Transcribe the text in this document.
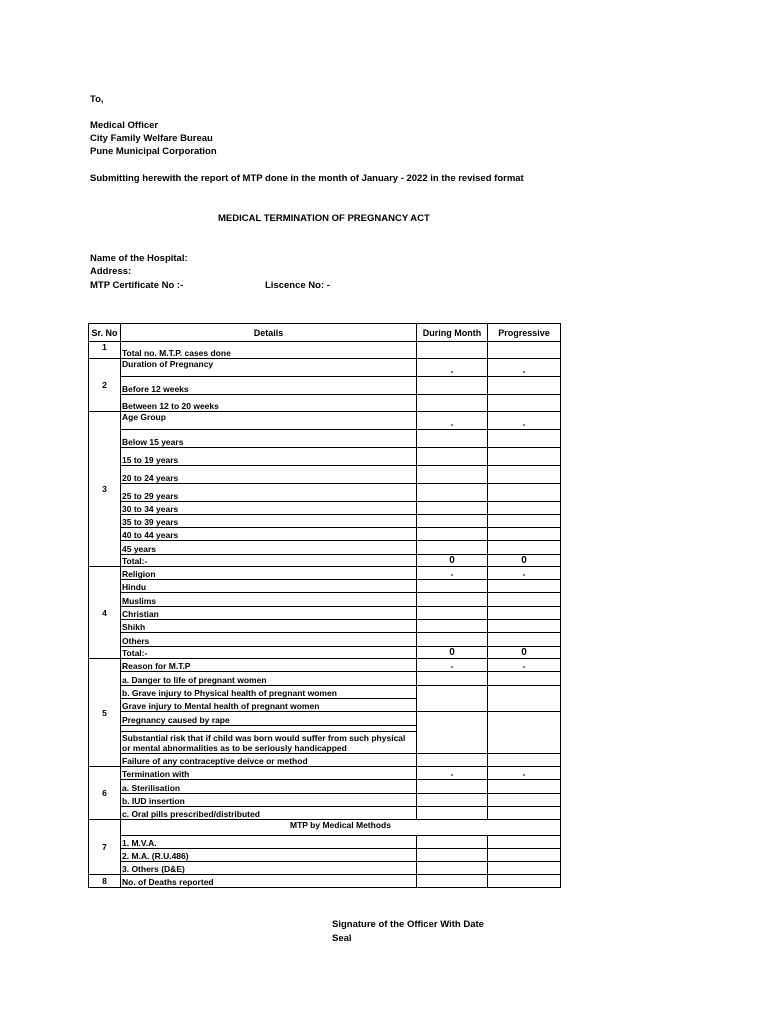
To,
Medical Officer
City Family Welfare Bureau
Pune Municipal Corporation
Submitting herewith the report of MTP done in the month of January - 2022 in the revised format
MEDICAL TERMINATION OF PREGNANCY ACT
Name of the Hospital:
Address:
MTP Certificate No :-	Liscence No: -
Sr. No	Details	During Month	Progressive
1	Total no. M.T.P. cases done		
2	Duration of Pregnancy	-	-
	Before 12 weeks		
	Between 12 to 20 weeks		
3	Age Group	-	-
	Below 15 years		
	15 to 19 years		
	20 to 24 years		
	25 to 29 years		
	30 to 34 years		
	35 to 39 years		
	40 to 44 years		
	45 years		
	Total:-	0	0
4	Religion	-	-
	Hindu		
	Muslims		
	Christian		
	Shikh		
	Others		
	Total:-	0	0
5	Reason for M.T.P	-	-
	a. Danger to life of pregnant women		
	b. Grave injury to Physical health of pregnant women		
	Grave injury to Mental health of pregnant women		
	Pregnancy caused by rape		

	Substantial risk that if child was born would suffer from such physical or mental abnormalities as to be seriously handicapped		
	Failure of any contraceptive deivce or method		
6	Termination with	-	-
	a. Sterilisation		
	b. IUD insertion		
	c. Oral pills prescribed/distributed		
7	MTP by Medical Methods		
	1. M.V.A.		
	2. M.A. (R.U.486)		
	3. Others (D&E)		
8	No. of Deaths reported		
Signature of the Officer With Date
Seal
